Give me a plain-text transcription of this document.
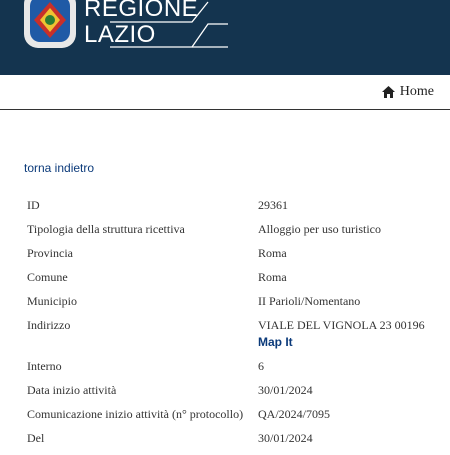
REGIONE
LAZIO
Home
torna indietro
ID	29361
Tipologia della struttura ricettiva	Alloggio per uso turistico
Provincia	Roma
Comune	Roma
Municipio	II Parioli/Nomentano
Indirizzo	VIALE DEL VIGNOLA 23 00196
Map It
Interno	6
Data inizio attività	30/01/2024
Comunicazione inizio attività (n° protocollo) QA/2024/7095
Del	30/01/2024
